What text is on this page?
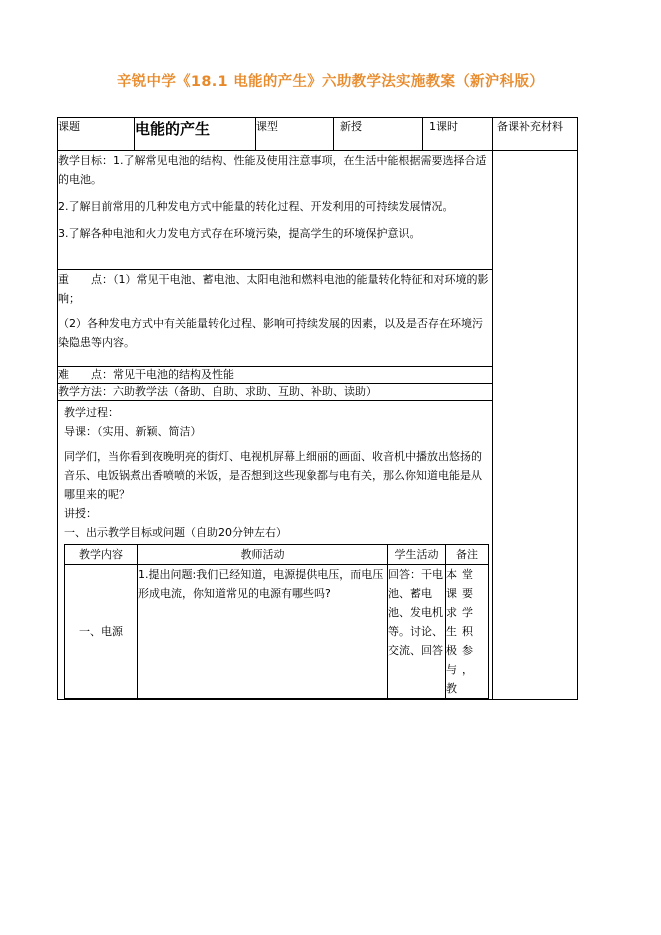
辛锐中学《18.1 电能的产生》六助教学法实施教案（新沪科版）
课题	电能的产生	课型	新授	1课时	备课补充材料

教学目标：1.了解常见电池的结构、性能及使用注意事项，在生活中能根据需要选择合适的电池。

2.了解目前常用的几种发电方式中能量的转化过程、开发利用的可持续发展情况。

3.了解各种电池和火力发电方式存在环境污染，提高学生的环境保护意识。

重　　点：（1）常见干电池、蓄电池、太阳电池和燃料电池的能量转化特征和对环境的影响；

（2）各种发电方式中有关能量转化过程、影响可持续发展的因素，以及是否存在环境污染隐患等内容。

难　　点：常见干电池的结构及性能
教学方法：六助教学法（备助、自助、求助、互助、补助、读助）

教学过程：
导课：（实用、新颖、简洁）
同学们，当你看到夜晚明亮的街灯、电视机屏幕上细丽的画面、收音机中播放出悠扬的音乐、电饭锅煮出香喷喷的米饭，是否想到这些现象都与电有关，那么你知道电能是从哪里来的呢？
讲授：
一、出示教学目标或问题（自助20分钟左右）
教学内容	教师活动	学生活动	备注
一、电源	1.提出问题:我们已经知道，电源提供电压，而电压形成电流，你知道常见的电源有哪些吗?	回答：干电池、蓄电池、发电机等。讨论、交流、回答	本堂课要求学生积极参与，教
